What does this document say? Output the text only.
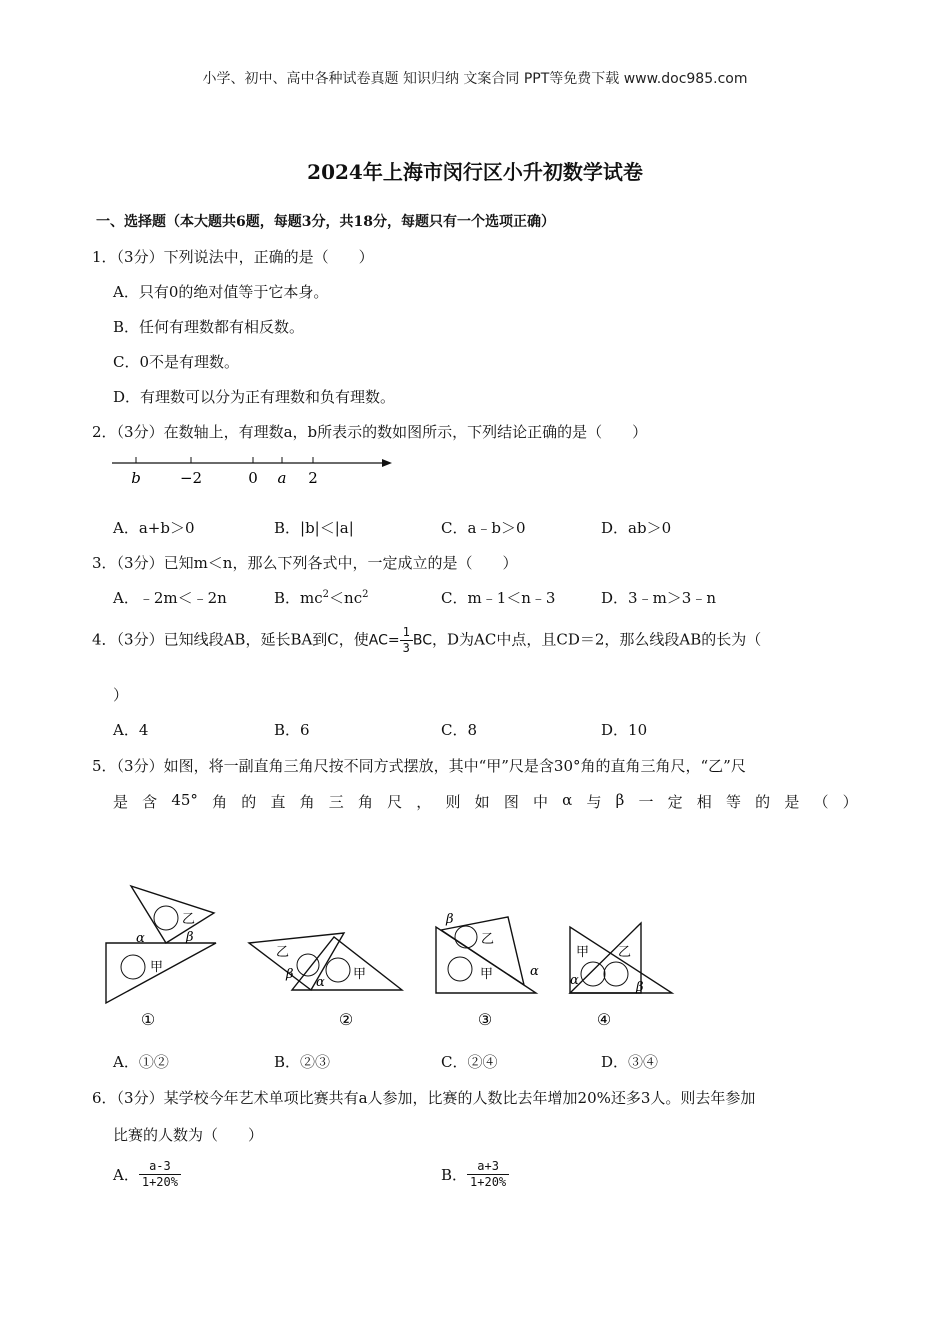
小学、初中、高中各种试卷真题 知识归纳 文案合同 PPT等免费下载 www.doc985.com
2024年上海市闵行区小升初数学试卷
一、选择题（本大题共6题，每题3分，共18分，每题只有一个选项正确）
1．（3分）下列说法中，正确的是（　　）
A．只有0的绝对值等于它本身。
B．任何有理数都有相反数。
C．0不是有理数。
D．有理数可以分为正有理数和负有理数。
2．（3分）在数轴上，有理数a，b所表示的数如图所示，下列结论正确的是（　　）
b	−2	0 a 2
A．a+b＞0	B．|b|＜|a|	C．a﹣b＞0	D．ab＞0
3．（3分）已知m＜n，那么下列各式中，一定成立的是（　　）
A．﹣2m＜﹣2n	B．$mc^2<nc^2$	C．m﹣1＜n﹣3	D．3﹣m＞3﹣n
4．（3分）已知线段AB，延长BA到C，使$AC= \frac{1}{3}$ BC，D为AC中点，且CD＝2，那么线段AB的长为（
）
A．4	B．6	C．8	D．10
5．（3分）如图，将一副直角三角尺按不同方式摆放，其中“甲”尺是含30°角的直角三角尺，“乙”尺
是 含 45° 角 的 直 角 三 角 尺 ， 则 如 图 中 α 与 β 一 定 相 等 的 是 （ ）
甲
乙
α	β
①
乙
甲
β
α
②
甲
乙
β
α
③
甲 乙
α	β
④
A．①②	B．②③	C．②④	D．③④
6．（3分）某学校今年艺术单项比赛共有a人参加，比赛的人数比去年增加20%还多3人。则去年参加
比赛的人数为（　　）
A． $\frac{a-3}{1+20\%}$	B． $\frac{a+3}{1+20\%}$
